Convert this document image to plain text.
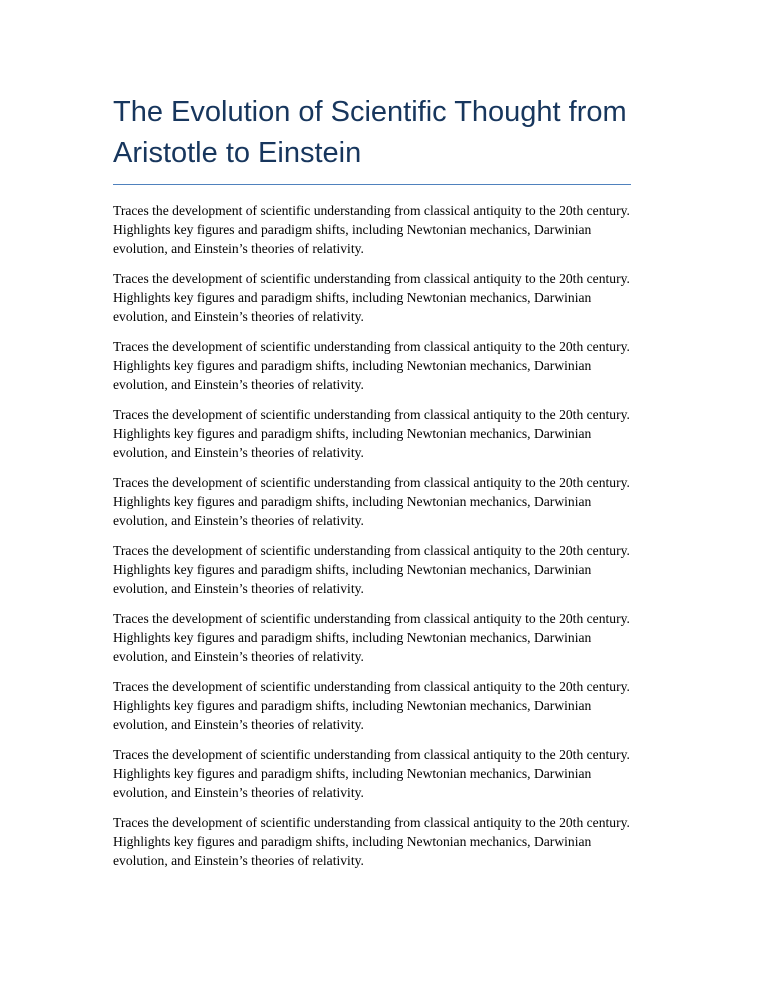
The Evolution of Scientific Thought from Aristotle to Einstein

Traces the development of scientific understanding from classical antiquity to the 20th century. Highlights key figures and paradigm shifts, including Newtonian mechanics, Darwinian evolution, and Einstein’s theories of relativity.

Traces the development of scientific understanding from classical antiquity to the 20th century. Highlights key figures and paradigm shifts, including Newtonian mechanics, Darwinian evolution, and Einstein’s theories of relativity.

Traces the development of scientific understanding from classical antiquity to the 20th century. Highlights key figures and paradigm shifts, including Newtonian mechanics, Darwinian evolution, and Einstein’s theories of relativity.

Traces the development of scientific understanding from classical antiquity to the 20th century. Highlights key figures and paradigm shifts, including Newtonian mechanics, Darwinian evolution, and Einstein’s theories of relativity.

Traces the development of scientific understanding from classical antiquity to the 20th century. Highlights key figures and paradigm shifts, including Newtonian mechanics, Darwinian evolution, and Einstein’s theories of relativity.

Traces the development of scientific understanding from classical antiquity to the 20th century. Highlights key figures and paradigm shifts, including Newtonian mechanics, Darwinian evolution, and Einstein’s theories of relativity.

Traces the development of scientific understanding from classical antiquity to the 20th century. Highlights key figures and paradigm shifts, including Newtonian mechanics, Darwinian evolution, and Einstein’s theories of relativity.

Traces the development of scientific understanding from classical antiquity to the 20th century. Highlights key figures and paradigm shifts, including Newtonian mechanics, Darwinian evolution, and Einstein’s theories of relativity.

Traces the development of scientific understanding from classical antiquity to the 20th century. Highlights key figures and paradigm shifts, including Newtonian mechanics, Darwinian evolution, and Einstein’s theories of relativity.

Traces the development of scientific understanding from classical antiquity to the 20th century. Highlights key figures and paradigm shifts, including Newtonian mechanics, Darwinian evolution, and Einstein’s theories of relativity.
